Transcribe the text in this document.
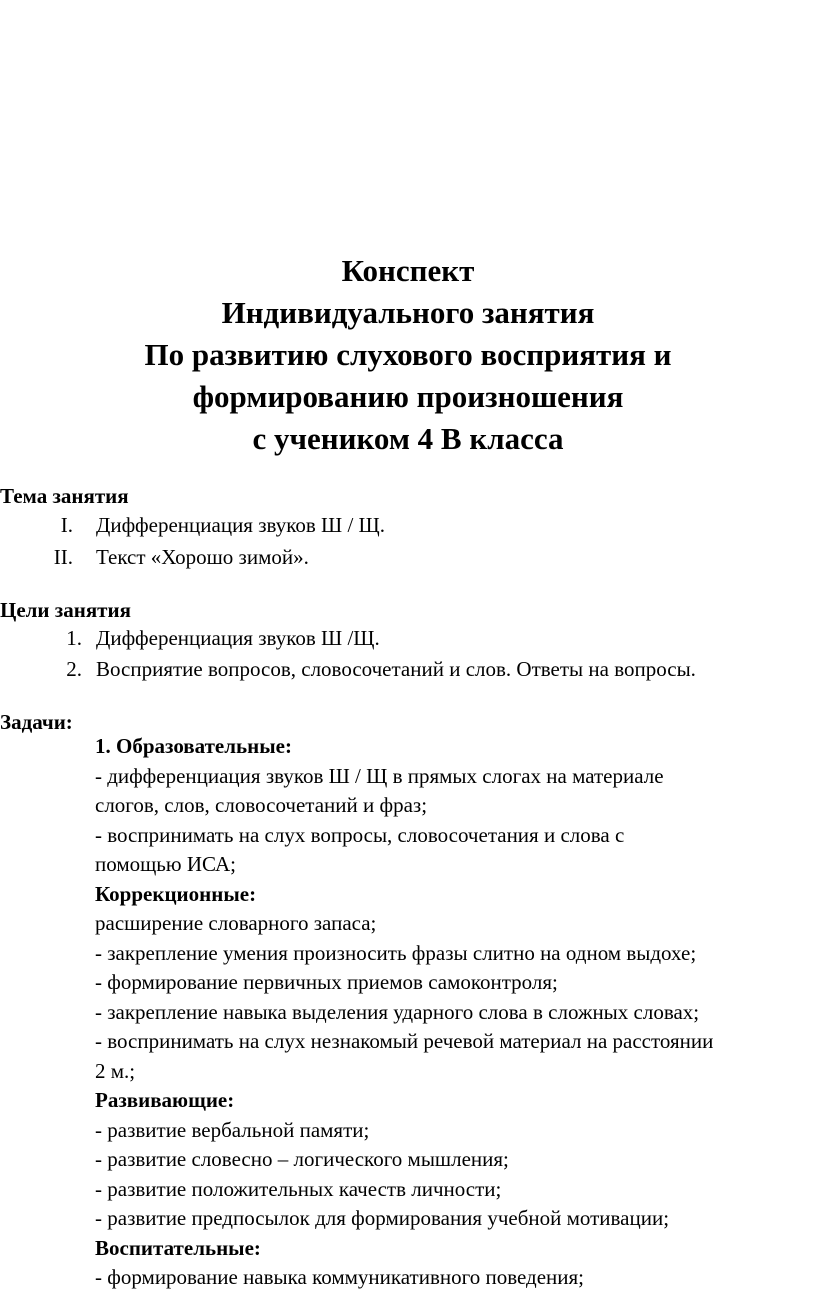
Конспект
Индивидуального занятия
По развитию слухового восприятия и
формированию произношения
с учеником 4 В класса
Тема занятия
I. Дифференциация звуков Ш / Щ.
II. Текст «Хорошо зимой».
Цели занятия
1. Дифференциация звуков Ш /Щ.
2. Восприятие вопросов, словосочетаний и слов. Ответы на вопросы.
Задачи:
1. Образовательные:
- дифференциация звуков Ш / Щ в прямых слогах на материале
слогов, слов, словосочетаний и фраз;
- воспринимать на слух вопросы, словосочетания и слова с
помощью ИСА;
Коррекционные:
расширение словарного запаса;
- закрепление умения произносить фразы слитно на одном выдохе;
- формирование первичных приемов самоконтроля;
- закрепление навыка выделения ударного слова в сложных словах;
- воспринимать на слух незнакомый речевой материал на расстоянии
2 м.;
Развивающие:
- развитие вербальной памяти;
- развитие словесно – логического мышления;
- развитие положительных качеств личности;
- развитие предпосылок для формирования учебной мотивации;
Воспитательные:
- формирование навыка коммуникативного поведения;
